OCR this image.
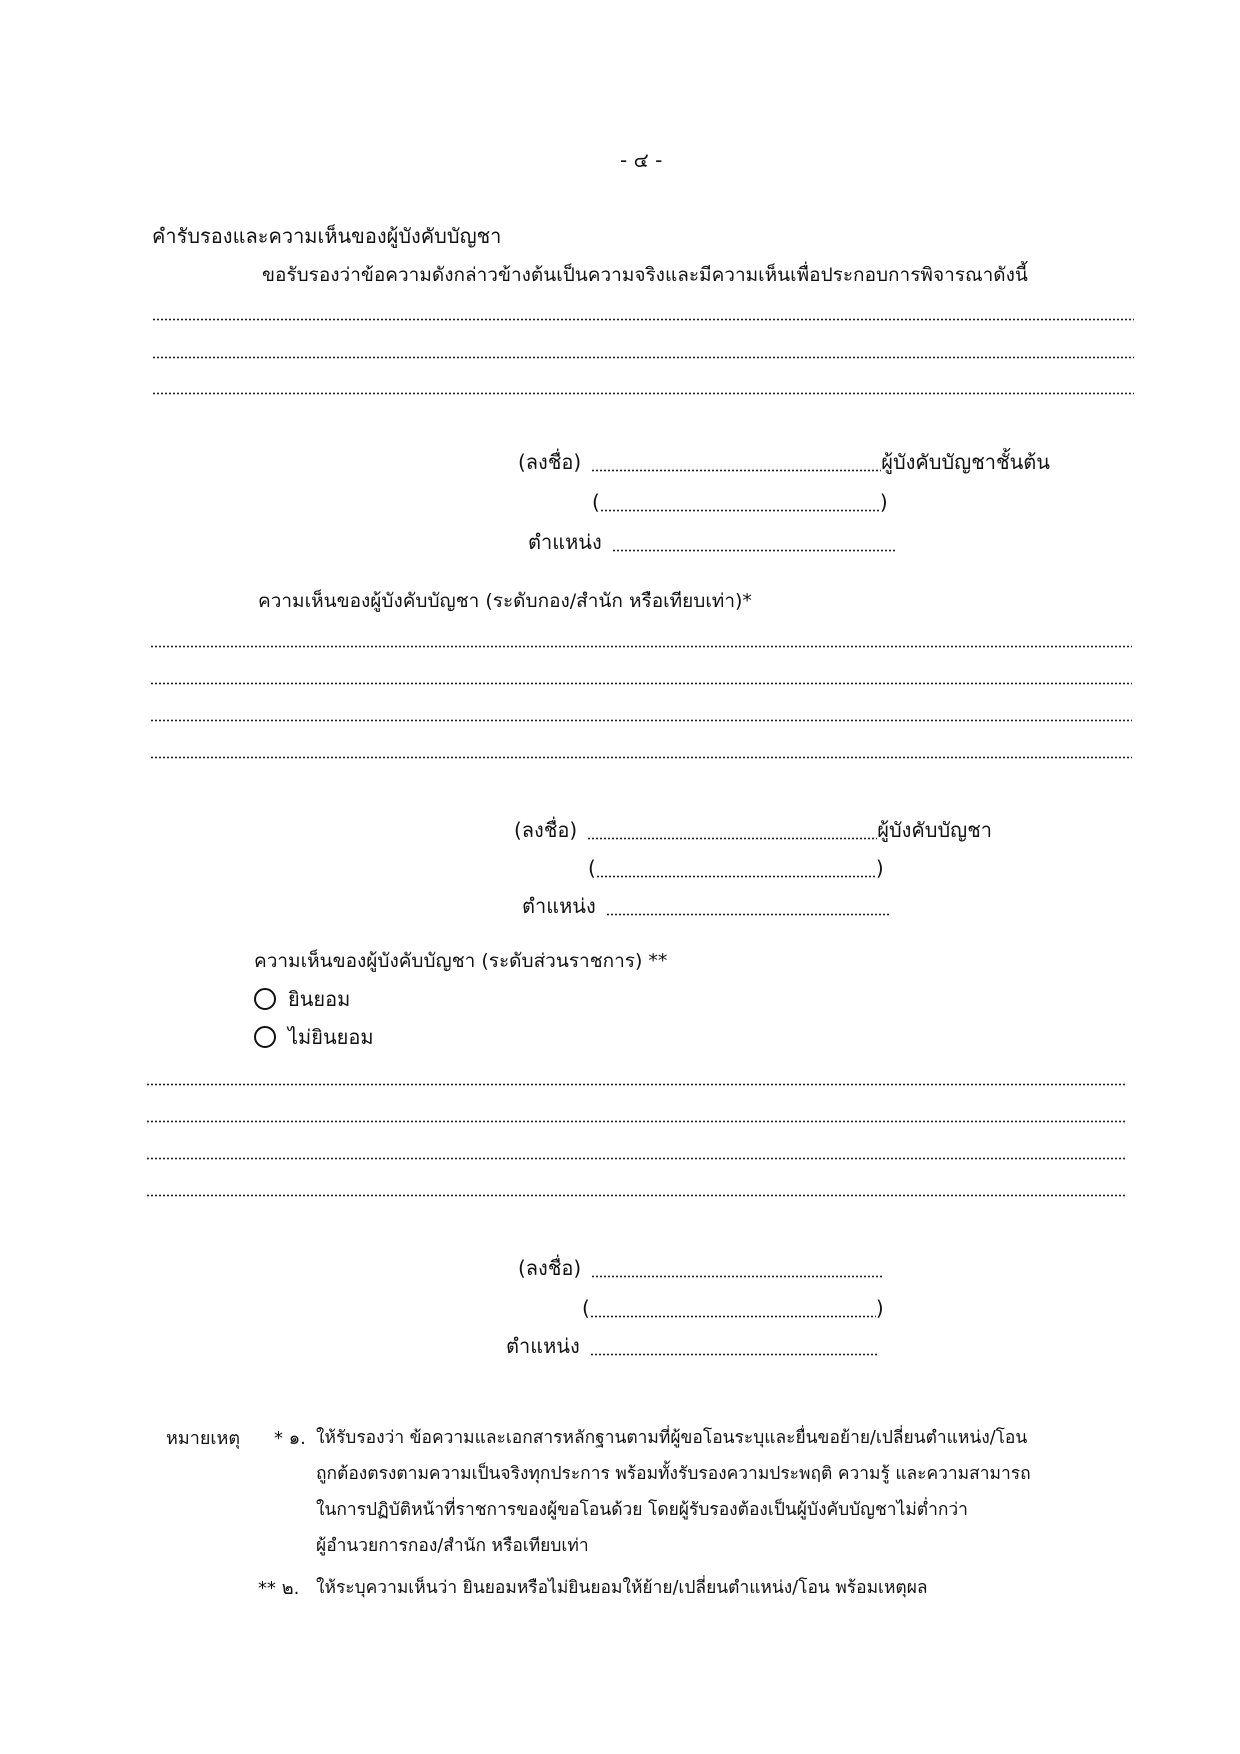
- ๔ -
คำรับรองและความเห็นของผู้บังคับบัญชา
ขอรับรองว่าข้อความดังกล่าวข้างต้นเป็นความจริงและมีความเห็นเพื่อประกอบการพิจารณาดังนี้
(ลงชื่อ)	ผู้บังคับบัญชาชั้นต้น
(	)
ตำแหน่ง
ความเห็นของผู้บังคับบัญชา (ระดับกอง/สำนัก หรือเทียบเท่า)*
(ลงชื่อ)	ผู้บังคับบัญชา
(	)
ตำแหน่ง
ความเห็นของผู้บังคับบัญชา (ระดับส่วนราชการ) **
ยินยอม
ไม่ยินยอม
(ลงชื่อ)
(	)
ตำแหน่ง
หมายเหตุ * ๑. ให้รับรองว่า ข้อความและเอกสารหลักฐานตามที่ผู้ขอโอนระบุและยื่นขอย้าย/เปลี่ยนตำแหน่ง/โอน
ถูกต้องตรงตามความเป็นจริงทุกประการ พร้อมทั้งรับรองความประพฤติ ความรู้ และความสามารถ
ในการปฏิบัติหน้าที่ราชการของผู้ขอโอนด้วย โดยผู้รับรองต้องเป็นผู้บังคับบัญชาไม่ต่ำกว่า
ผู้อำนวยการกอง/สำนัก หรือเทียบเท่า
** ๒. ให้ระบุความเห็นว่า ยินยอมหรือไม่ยินยอมให้ย้าย/เปลี่ยนตำแหน่ง/โอน พร้อมเหตุผล
